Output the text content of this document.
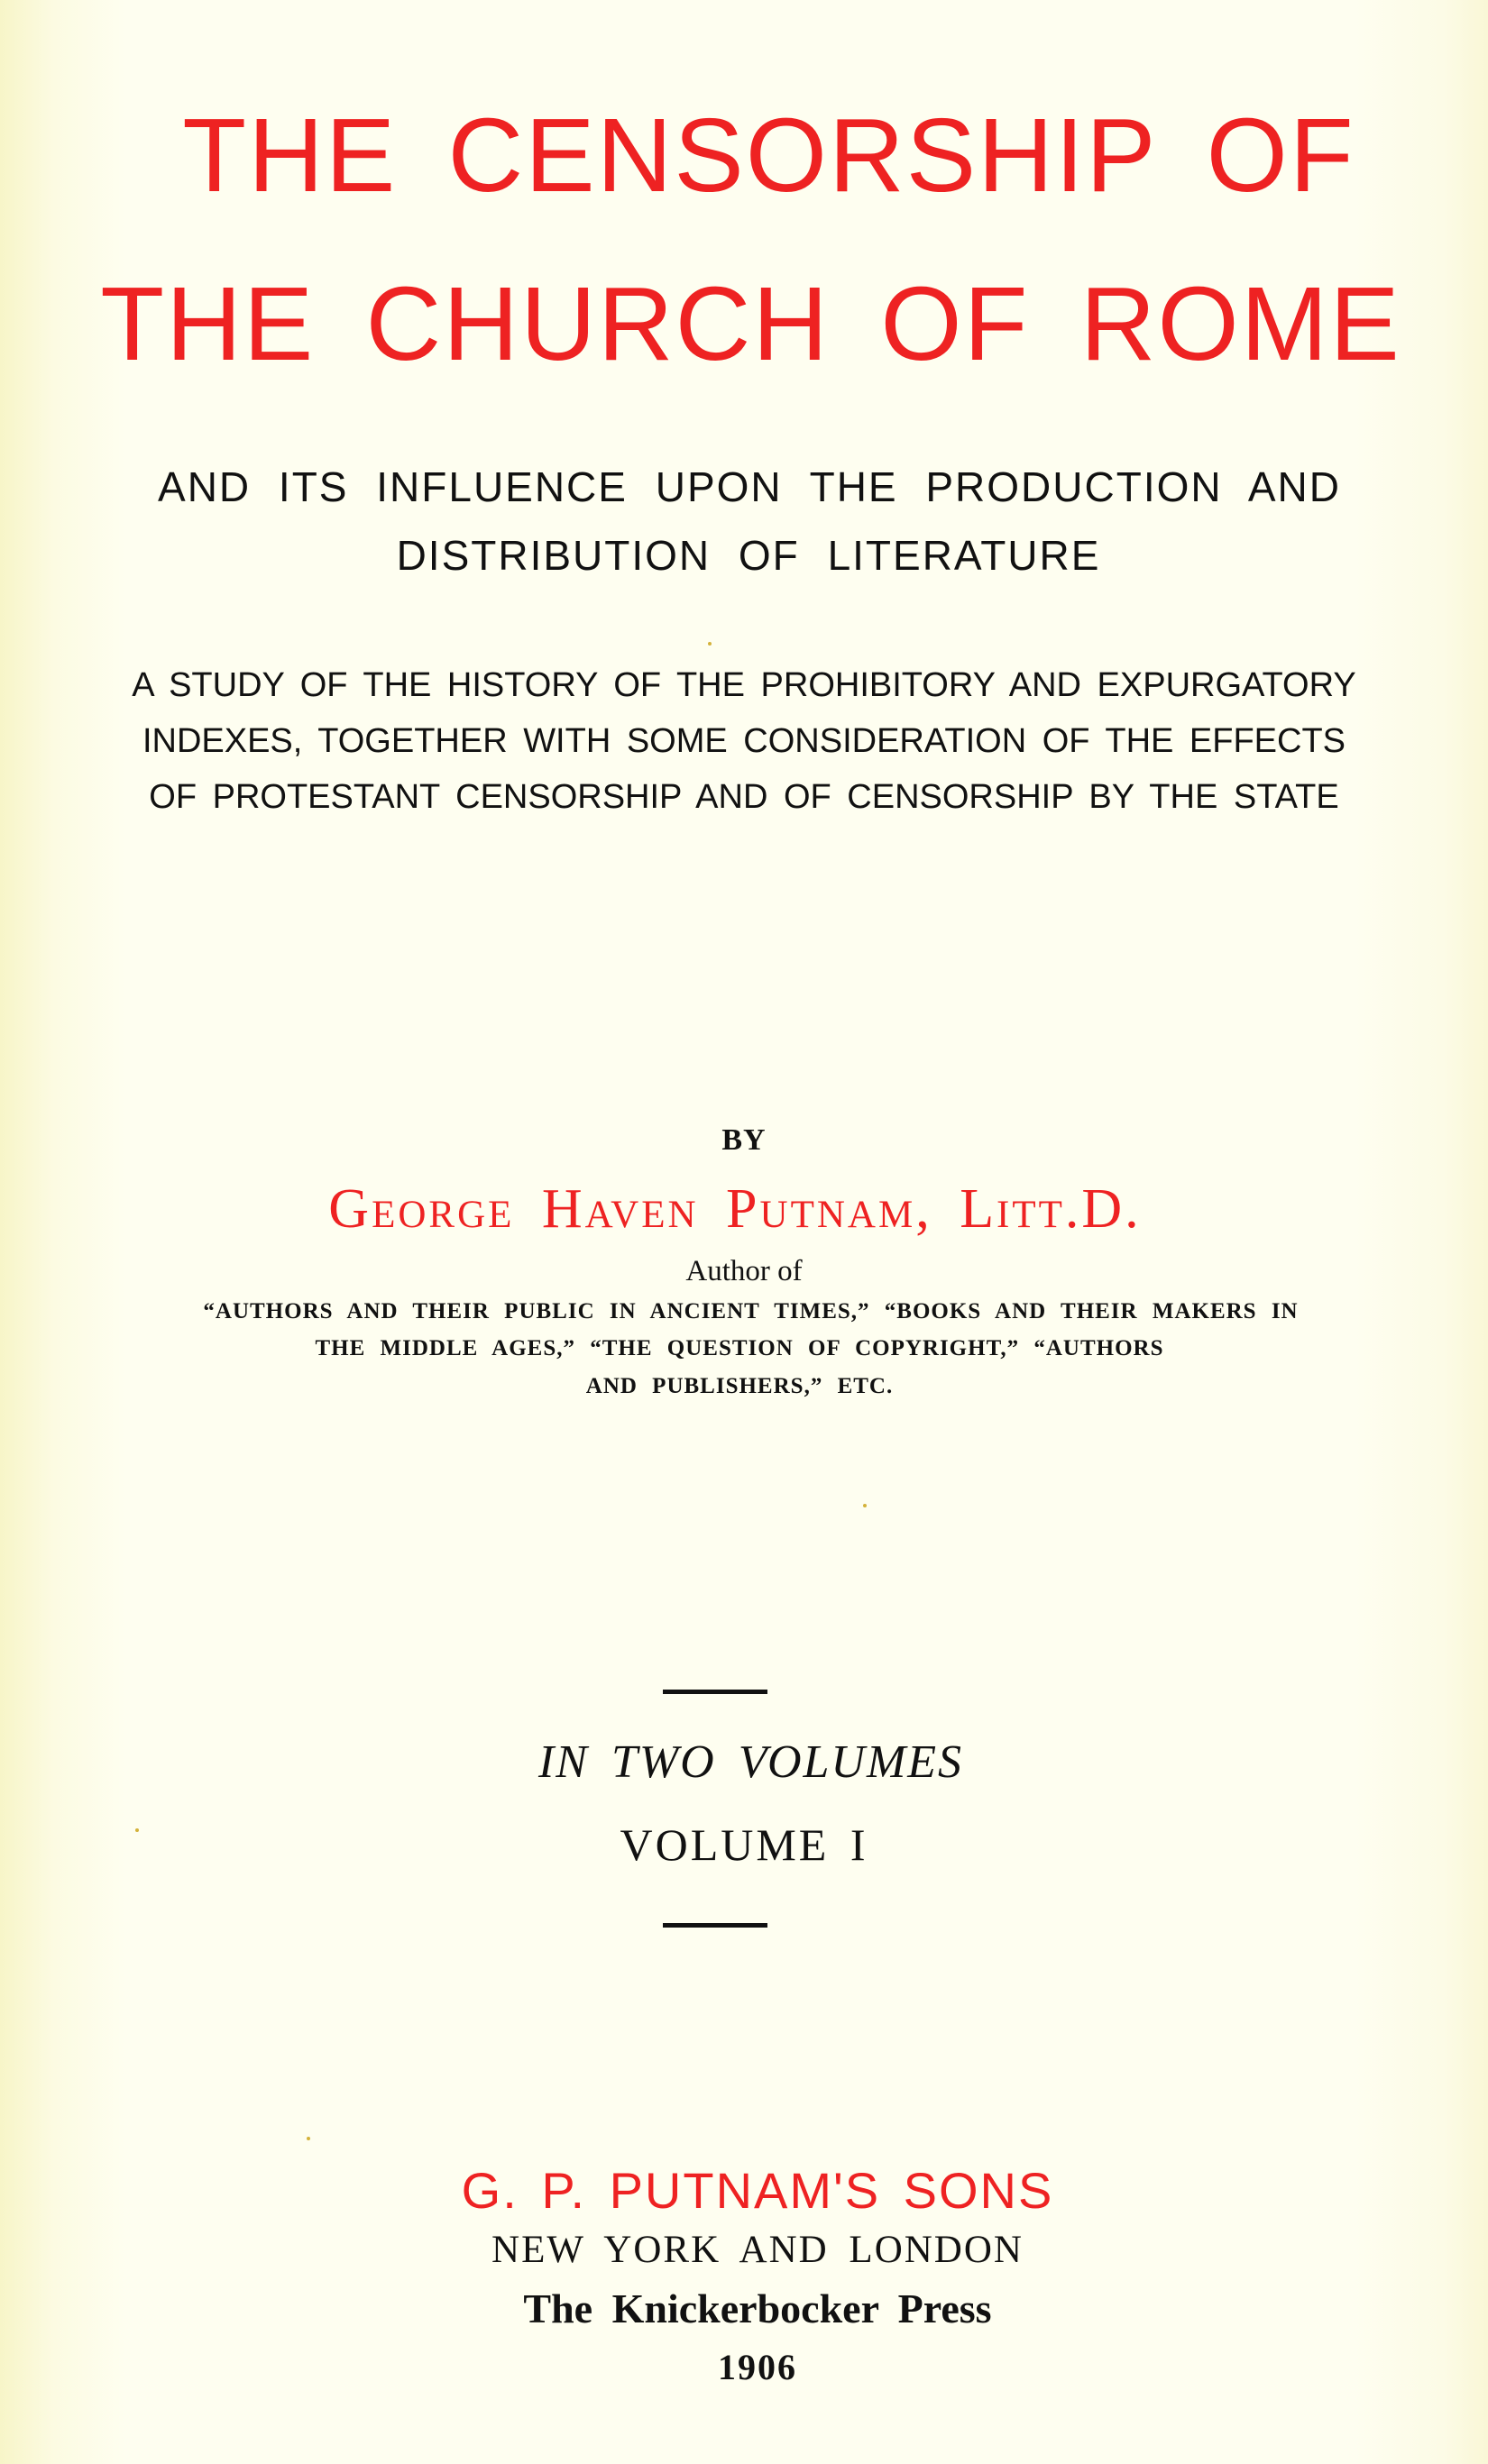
THE CENSORSHIP OF
THE CHURCH OF ROME
AND ITS INFLUENCE UPON THE PRODUCTION AND
DISTRIBUTION OF LITERATURE
A STUDY OF THE HISTORY OF THE PROHIBITORY AND EXPURGATORY
INDEXES, TOGETHER WITH SOME CONSIDERATION OF THE EFFECTS
OF PROTESTANT CENSORSHIP AND OF CENSORSHIP BY THE STATE
BY
George Haven Putnam, Litt.D.
Author of
“AUTHORS AND THEIR PUBLIC IN ANCIENT TIMES,” “BOOKS AND THEIR MAKERS IN
THE MIDDLE AGES,” “THE QUESTION OF COPYRIGHT,” “AUTHORS
AND PUBLISHERS,” ETC.
IN TWO VOLUMES
VOLUME I
G. P. PUTNAM'S SONS
NEW YORK AND LONDON
The Knickerbocker Press
1906
